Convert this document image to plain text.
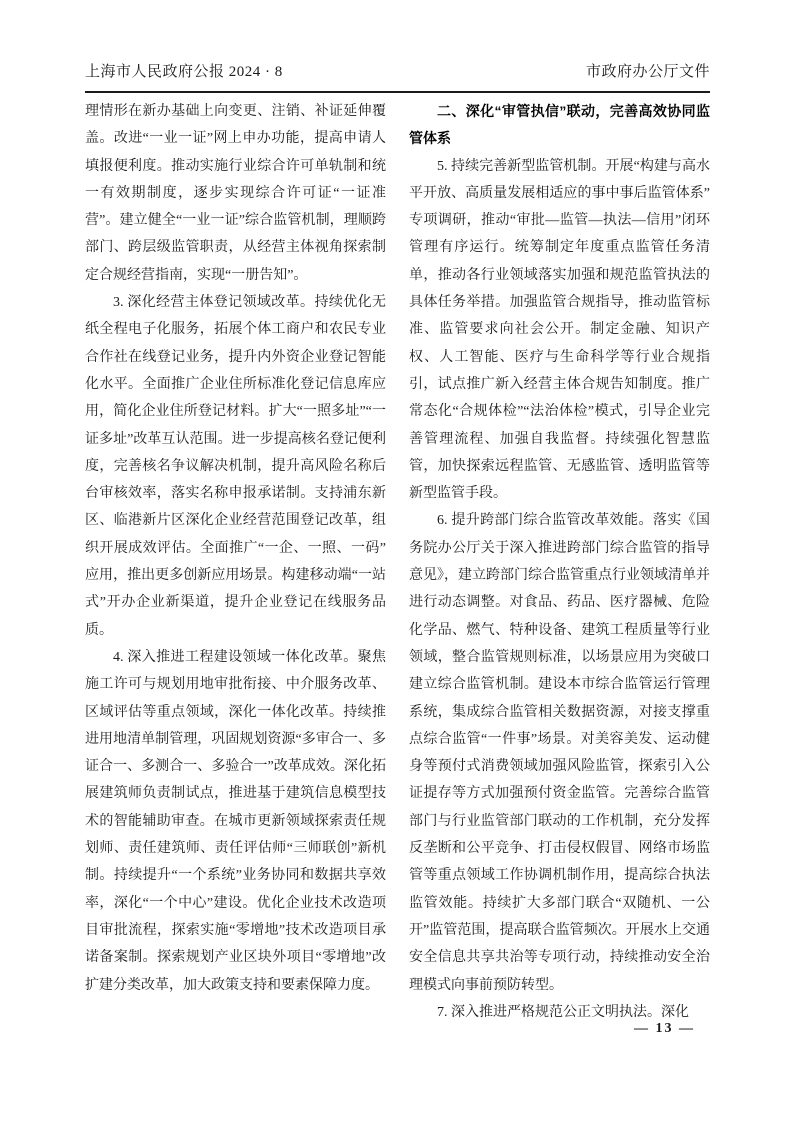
上海市人民政府公报 2024 · 8	市政府办公厅文件

理情形在新办基础上向变更、注销、补证延伸覆盖。改进“一业一证”网上申办功能，提高申请人填报便利度。推动实施行业综合许可单轨制和统一有效期制度，逐步实现综合许可证“一证准营”。建立健全“一业一证”综合监管机制，理顺跨部门、跨层级监管职责，从经营主体视角探索制定合规经营指南，实现“一册告知”。

3. 深化经营主体登记领域改革。持续优化无纸全程电子化服务，拓展个体工商户和农民专业合作社在线登记业务，提升内外资企业登记智能化水平。全面推广企业住所标准化登记信息库应用，简化企业住所登记材料。扩大“一照多址”“一证多址”改革互认范围。进一步提高核名登记便利度，完善核名争议解决机制，提升高风险名称后台审核效率，落实名称申报承诺制。支持浦东新区、临港新片区深化企业经营范围登记改革，组织开展成效评估。全面推广“一企、一照、一码”应用，推出更多创新应用场景。构建移动端“一站式”开办企业新渠道，提升企业登记在线服务品质。

4. 深入推进工程建设领域一体化改革。聚焦施工许可与规划用地审批衔接、中介服务改革、区域评估等重点领域，深化一体化改革。持续推进用地清单制管理，巩固规划资源“多审合一、多证合一、多测合一、多验合一”改革成效。深化拓展建筑师负责制试点，推进基于建筑信息模型技术的智能辅助审查。在城市更新领域探索责任规划师、责任建筑师、责任评估师“三师联创”新机制。持续提升“一个系统”业务协同和数据共享效率，深化“一个中心”建设。优化企业技术改造项目审批流程，探索实施“零增地”技术改造项目承诺备案制。探索规划产业区块外项目“零增地”改扩建分类改革，加大政策支持和要素保障力度。

二、深化“审管执信”联动，完善高效协同监管体系

5. 持续完善新型监管机制。开展“构建与高水平开放、高质量发展相适应的事中事后监管体系”专项调研，推动“审批—监管—执法—信用”闭环管理有序运行。统筹制定年度重点监管任务清单，推动各行业领域落实加强和规范监管执法的具体任务举措。加强监管合规指导，推动监管标准、监管要求向社会公开。制定金融、知识产权、人工智能、医疗与生命科学等行业合规指引，试点推广新入经营主体合规告知制度。推广常态化“合规体检”“法治体检”模式，引导企业完善管理流程、加强自我监督。持续强化智慧监管，加快探索远程监管、无感监管、透明监管等新型监管手段。

6. 提升跨部门综合监管改革效能。落实《国务院办公厅关于深入推进跨部门综合监管的指导意见》，建立跨部门综合监管重点行业领域清单并进行动态调整。对食品、药品、医疗器械、危险化学品、燃气、特种设备、建筑工程质量等行业领域，整合监管规则标准，以场景应用为突破口建立综合监管机制。建设本市综合监管运行管理系统，集成综合监管相关数据资源，对接支撑重点综合监管“一件事”场景。对美容美发、运动健身等预付式消费领域加强风险监管，探索引入公证提存等方式加强预付资金监管。完善综合监管部门与行业监管部门联动的工作机制，充分发挥反垄断和公平竞争、打击侵权假冒、网络市场监管等重点领域工作协调机制作用，提高综合执法监管效能。持续扩大多部门联合“双随机、一公开”监管范围，提高联合监管频次。开展水上交通安全信息共享共治等专项行动，持续推动安全治理模式向事前预防转型。

7. 深入推进严格规范公正文明执法。深化

— 13 —
